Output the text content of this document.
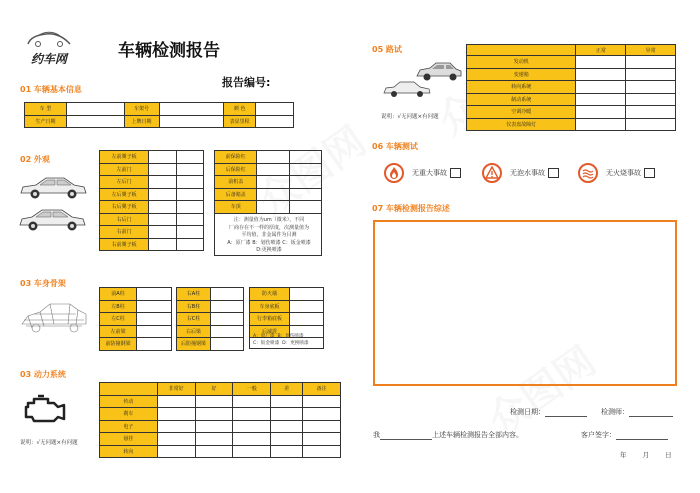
约车网	车辆检测报告
报告编号:
01 车辆基本信息
车 型		车架号		颜 色	
生产日期		上牌日期		表显里程	
02 外观	左前翼子板		
左前门		
左后门		
左后翼子板		
右后翼子板		
右后门		
右前门		
右前翼子板		
前保险杠		
后保险杠		
前机盖		
后备箱盖		
车顶		
注：测量值为um（微米），不同
厂商存在不一样的厚度，次测量值为
平均值，非金属件为目测
A：原厂漆 B：划伤喷漆 C：钣金喷漆
D:更换喷漆
03 车身骨架
前A柱	
左B柱	
左C柱	
左前梁	
前防撞钢梁	
右A柱	
右B柱	
右C柱	
右后梁	
后防撞钢梁	
防火墙	
车身底板	
行李箱底板	
后减震	
A：原厂漆 B：划伤喷漆
C：钣金喷漆 D：更换喷漆
03 动力系统
说明：√无问题×有问题
	非常好	好	一般	差	备注
传动					
刹车					
电子					
悬挂					
转向					
05 路试
说明：√无问题×有问题
	正常	异常
发动机		
变速箱		
转向系统		
制动系统		
空调冷暖		
仪表盘故障灯		
06 车辆测试
无重大事故	无泡水事故	无火烧事故
07 车辆检测报告综述
检测日期：	检测师：
我	上述车辆检测报告全部内容。	客户签字：
年 月 日
